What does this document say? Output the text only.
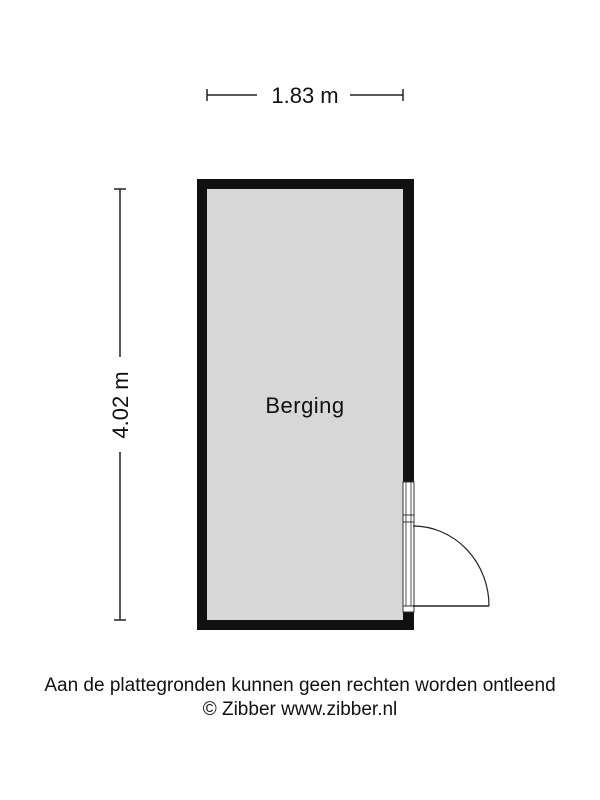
1.83 m
4.02 m	Berging
Aan de plattegronden kunnen geen rechten worden ontleend
© Zibber www.zibber.nl
